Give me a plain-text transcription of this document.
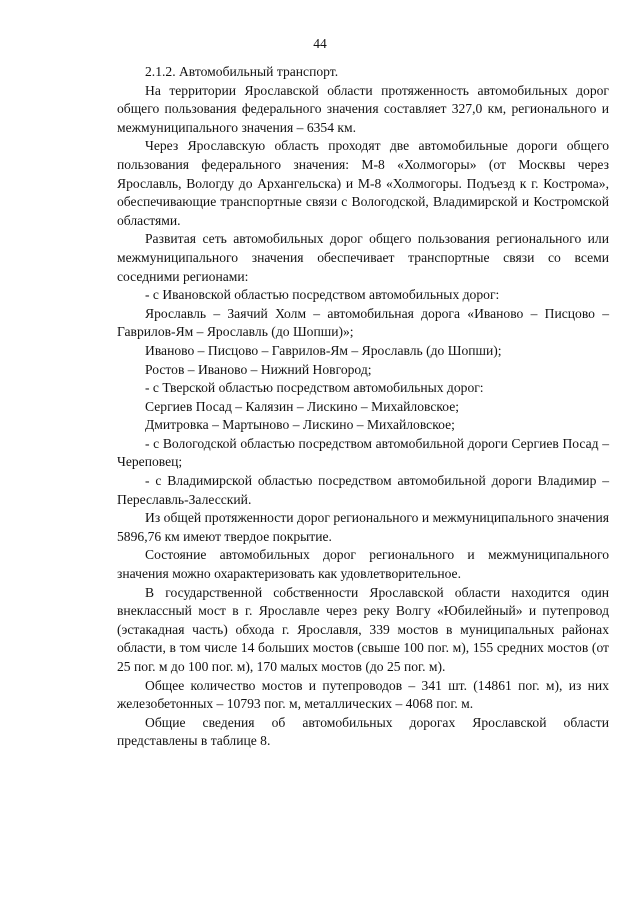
44

2.1.2. Автомобильный транспорт.

На территории Ярославской области протяженность автомобильных дорог общего пользования федерального значения составляет 327,0 км, регионального и межмуниципального значения – 6354 км.

Через Ярославскую область проходят две автомобильные дороги общего пользования федерального значения: М-8 «Холмогоры» (от Москвы через Ярославль, Вологду до Архангельска) и М-8 «Холмогоры. Подъезд к г. Кострома», обеспечивающие транспортные связи с Вологодской, Владимирской и Костромской областями.

Развитая сеть автомобильных дорог общего пользования регионального или межмуниципального значения обеспечивает транспортные связи со всеми соседними регионами:

- с Ивановской областью посредством автомобильных дорог:

Ярославль – Заячий Холм – автомобильная дорога «Иваново – Писцово – Гаврилов-Ям – Ярославль (до Шопши)»;

Иваново – Писцово – Гаврилов-Ям – Ярославль (до Шопши);

Ростов – Иваново – Нижний Новгород;

- с Тверской областью посредством автомобильных дорог:

Сергиев Посад – Калязин – Лискино – Михайловское;

Дмитровка – Мартыново – Лискино – Михайловское;

- с Вологодской областью посредством автомобильной дороги Сергиев Посад – Череповец;

- с Владимирской областью посредством автомобильной дороги Владимир – Переславль-Залесский.

Из общей протяженности дорог регионального и межмуниципального значения 5896,76 км имеют твердое покрытие.

Состояние автомобильных дорог регионального и межмуниципального значения можно охарактеризовать как удовлетворительное.

В государственной собственности Ярославской области находится один внеклассный мост в г. Ярославле через реку Волгу «Юбилейный» и путепровод (эстакадная часть) обхода г. Ярославля, 339 мостов в муниципальных районах области, в том числе 14 больших мостов (свыше 100 пог. м), 155 средних мостов (от 25 пог. м до 100 пог. м), 170 малых мостов (до 25 пог. м).

Общее количество мостов и путепроводов – 341 шт. (14861 пог. м), из них железобетонных – 10793 пог. м, металлических – 4068 пог. м.

Общие сведения об автомобильных дорогах Ярославской области представлены в таблице 8.
